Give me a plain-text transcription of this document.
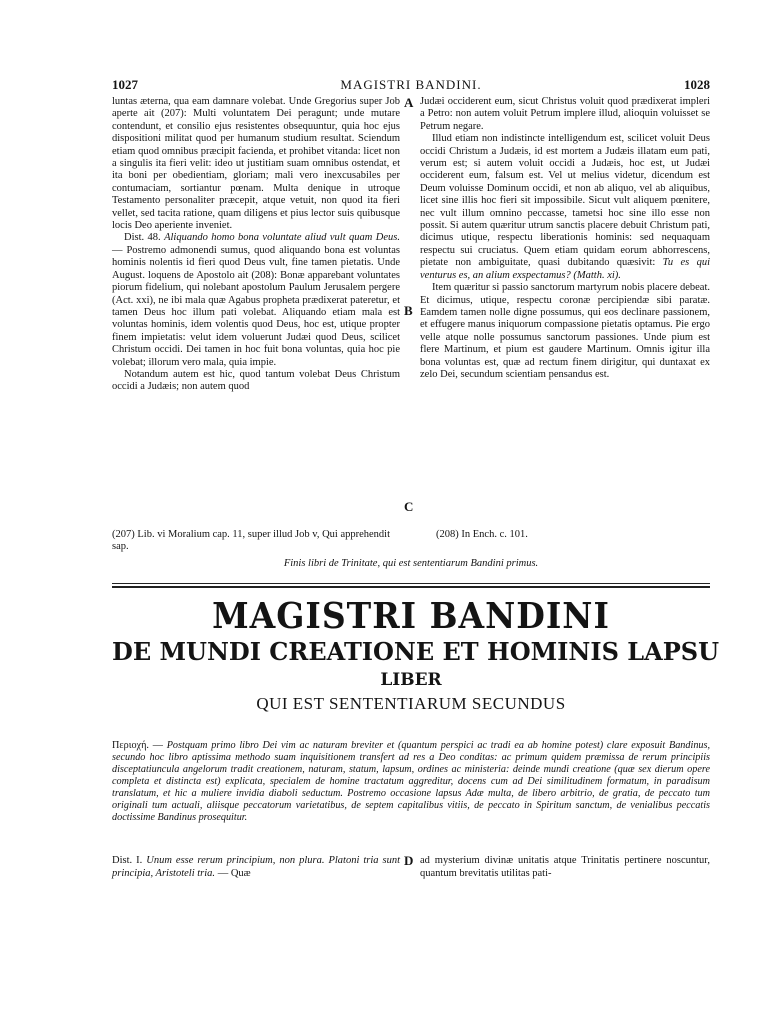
1027	MAGISTRI BANDINI.	1028
A
B
C

luntas æterna, qua eam damnare volebat. Unde Gregorius super Job aperte ait (207): Multi voluntatem Dei peragunt; unde mutare contendunt, et consilio ejus resistentes obsequuntur, quia hoc ejus dispositioni militat quod per humanum studium resultat. Sciendum etiam quod omnibus præcipit facienda, et prohibet vitanda: licet non a singulis ita fieri velit: ideo ut justitiam suam omnibus ostendat, et ita boni per obedientiam, gloriam; mali vero inexcusabiles per contumaciam, sortiantur pœnam. Multa denique in utroque Testamento personaliter præcepit, atque vetuit, non quod ita fieri vellet, sed tacita ratione, quam diligens et pius lector suis quibusque locis Deo aperiente inveniet.

Dist. 48. Aliquando homo bona voluntate aliud vult quam Deus. — Postremo admonendi sumus, quod aliquando bona est voluntas hominis nolentis id fieri quod Deus vult, fine tamen pietatis. Unde August. loquens de Apostolo ait (208): Bonæ apparebant voluntates piorum fidelium, qui nolebant apostolum Paulum Jerusalem pergere (Act. xxi), ne ibi mala quæ Agabus propheta prædixerat pateretur, et tamen Deus hoc illum pati volebat. Aliquando etiam mala est voluntas hominis, idem volentis quod Deus, hoc est, utique propter finem impietatis: velut idem voluerunt Judæi quod Deus, scilicet Christum occidi. Dei tamen in hoc fuit bona voluntas, quia hoc pie volebat; illorum vero mala, quia impie.

Notandum autem est hic, quod tantum volebat Deus Christum occidi a Judæis; non autem quod

Judæi occiderent eum, sicut Christus voluit quod prædixerat impleri a Petro: non autem voluit Petrum implere illud, alioquin voluisset se Petrum negare.

Illud etiam non indistincte intelligendum est, scilicet voluit Deus occidi Christum a Judæis, id est mortem a Judæis illatam eum pati, verum est; si autem voluit occidi a Judæis, hoc est, ut Judæi occiderent eum, falsum est. Vel ut melius videtur, dicendum est Deum voluisse Dominum occidi, et non ab aliquo, vel ab aliquibus, licet sine illis hoc fieri sit impossibile. Sicut vult aliquem pœnitere, nec vult illum omnino peccasse, tametsi hoc sine illo esse non possit. Si autem quæritur utrum sanctis placere debuit Christum pati, dicimus utique, respectu liberationis hominis: sed nequaquam respectu sui cruciatus. Quem etiam quidam eorum abhorrescens, pietate non ambiguitate, quasi dubitando quæsivit: Tu es qui venturus es, an alium exspectamus? (Matth. xi).

Item quæritur si passio sanctorum martyrum nobis placere debeat. Et dicimus, utique, respectu coronæ percipiendæ sibi paratæ. Eamdem tamen nolle digne possumus, qui eos declinare passionem, et effugere manus iniquorum compassione pietatis optamus. Pie ergo velle atque nolle possumus sanctorum passiones. Unde pium est flere Martinum, et pium est gaudere Martinum. Omnis igitur illa bona voluntas est, quæ ad rectum finem dirigitur, qui duntaxat ex zelo Dei, secundum scientiam pensandus est.

(207) Lib. vi Moralium cap. 11, super illud Job v, Qui apprehendit sap.
(208) In Ench. c. 101.
Finis libri de Trinitate, qui est sententiarum Bandini primus.
MAGISTRI BANDINI
DE MUNDI CREATIONE ET HOMINIS LAPSU
LIBER
QUI EST SENTENTIARUM SECUNDUS
Περιοχή. — Postquam primo libro Dei vim ac naturam breviter et (quantum perspici ac tradi ea ab homine potest) clare exposuit Bandinus, secundo hoc libro aptissima methodo suam inquisitionem transfert ad res a Deo conditas: ac primum quidem præmissa de rerum principiis disceptatiuncula angelorum tradit creationem, naturam, statum, lapsum, ordines ac ministeria: deinde mundi creatione (quæ sex dierum opere completa et distincta est) explicata, specialem de homine tractatum aggreditur, docens cum ad Dei similitudinem formatum, in paradisum translatum, et hic a muliere invidia diaboli seductum. Postremo occasione lapsus Adæ multa, de libero arbitrio, de gratia, de peccato tum originali tum actuali, aliisque peccatorum varietatibus, de septem capitalibus vitiis, de peccato in Spiritum sanctum, de venialibus peccatis doctissime Bandinus prosequitur.
D
Dist. I. Unum esse rerum principium, non plura. Platoni tria sunt principia, Aristoteli tria. — Quæ
ad mysterium divinæ unitatis atque Trinitatis pertinere noscuntur, quantum brevitatis utilitas pati-
